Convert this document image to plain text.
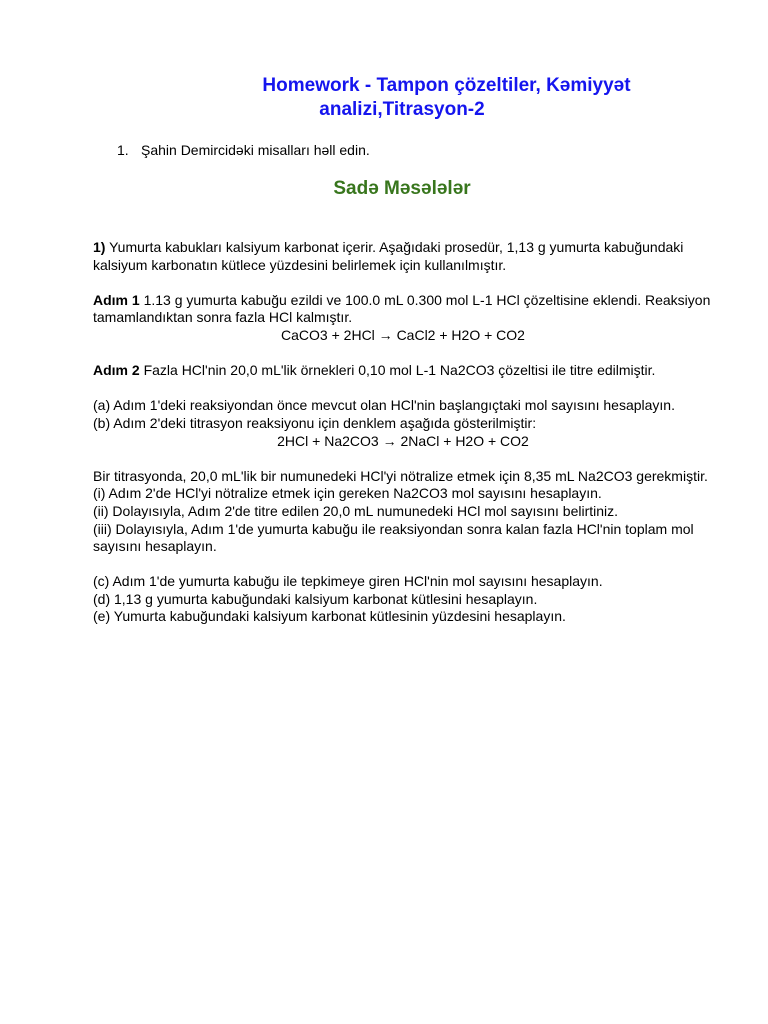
Homework - Tampon çözeltiler, Kəmiyyət
analizi,Titrasyon-2
1. Şahin Demircidəki misalları həll edin.
Sadə Məsələlər

1) Yumurta kabukları kalsiyum karbonat içerir. Aşağıdaki prosedür, 1,13 g yumurta kabuğundaki kalsiyum karbonatın kütlece yüzdesini belirlemek için kullanılmıştır.

Adım 1 1.13 g yumurta kabuğu ezildi ve 100.0 mL 0.300 mol L-1 HCl çözeltisine eklendi. Reaksiyon tamamlandıktan sonra fazla HCl kalmıştır.

CaCO3 + 2HCl → CaCl2 + H2O + CO2

Adım 2 Fazla HCl'nin 20,0 mL'lik örnekleri 0,10 mol L-1 Na2CO3 çözeltisi ile titre edilmiştir.

(a) Adım 1'deki reaksiyondan önce mevcut olan HCl'nin başlangıçtaki mol sayısını hesaplayın.

(b) Adım 2'deki titrasyon reaksiyonu için denklem aşağıda gösterilmiştir:

2HCl + Na2CO3 → 2NaCl + H2O + CO2

Bir titrasyonda, 20,0 mL'lik bir numunedeki HCl'yi nötralize etmek için 8,35 mL Na2CO3 gerekmiştir.

(i) Adım 2'de HCl'yi nötralize etmek için gereken Na2CO3 mol sayısını hesaplayın.

(ii) Dolayısıyla, Adım 2'de titre edilen 20,0 mL numunedeki HCl mol sayısını belirtiniz.

(iii) Dolayısıyla, Adım 1'de yumurta kabuğu ile reaksiyondan sonra kalan fazla HCl'nin toplam mol sayısını hesaplayın.

(c) Adım 1'de yumurta kabuğu ile tepkimeye giren HCl'nin mol sayısını hesaplayın.

(d) 1,13 g yumurta kabuğundaki kalsiyum karbonat kütlesini hesaplayın.

(e) Yumurta kabuğundaki kalsiyum karbonat kütlesinin yüzdesini hesaplayın.
